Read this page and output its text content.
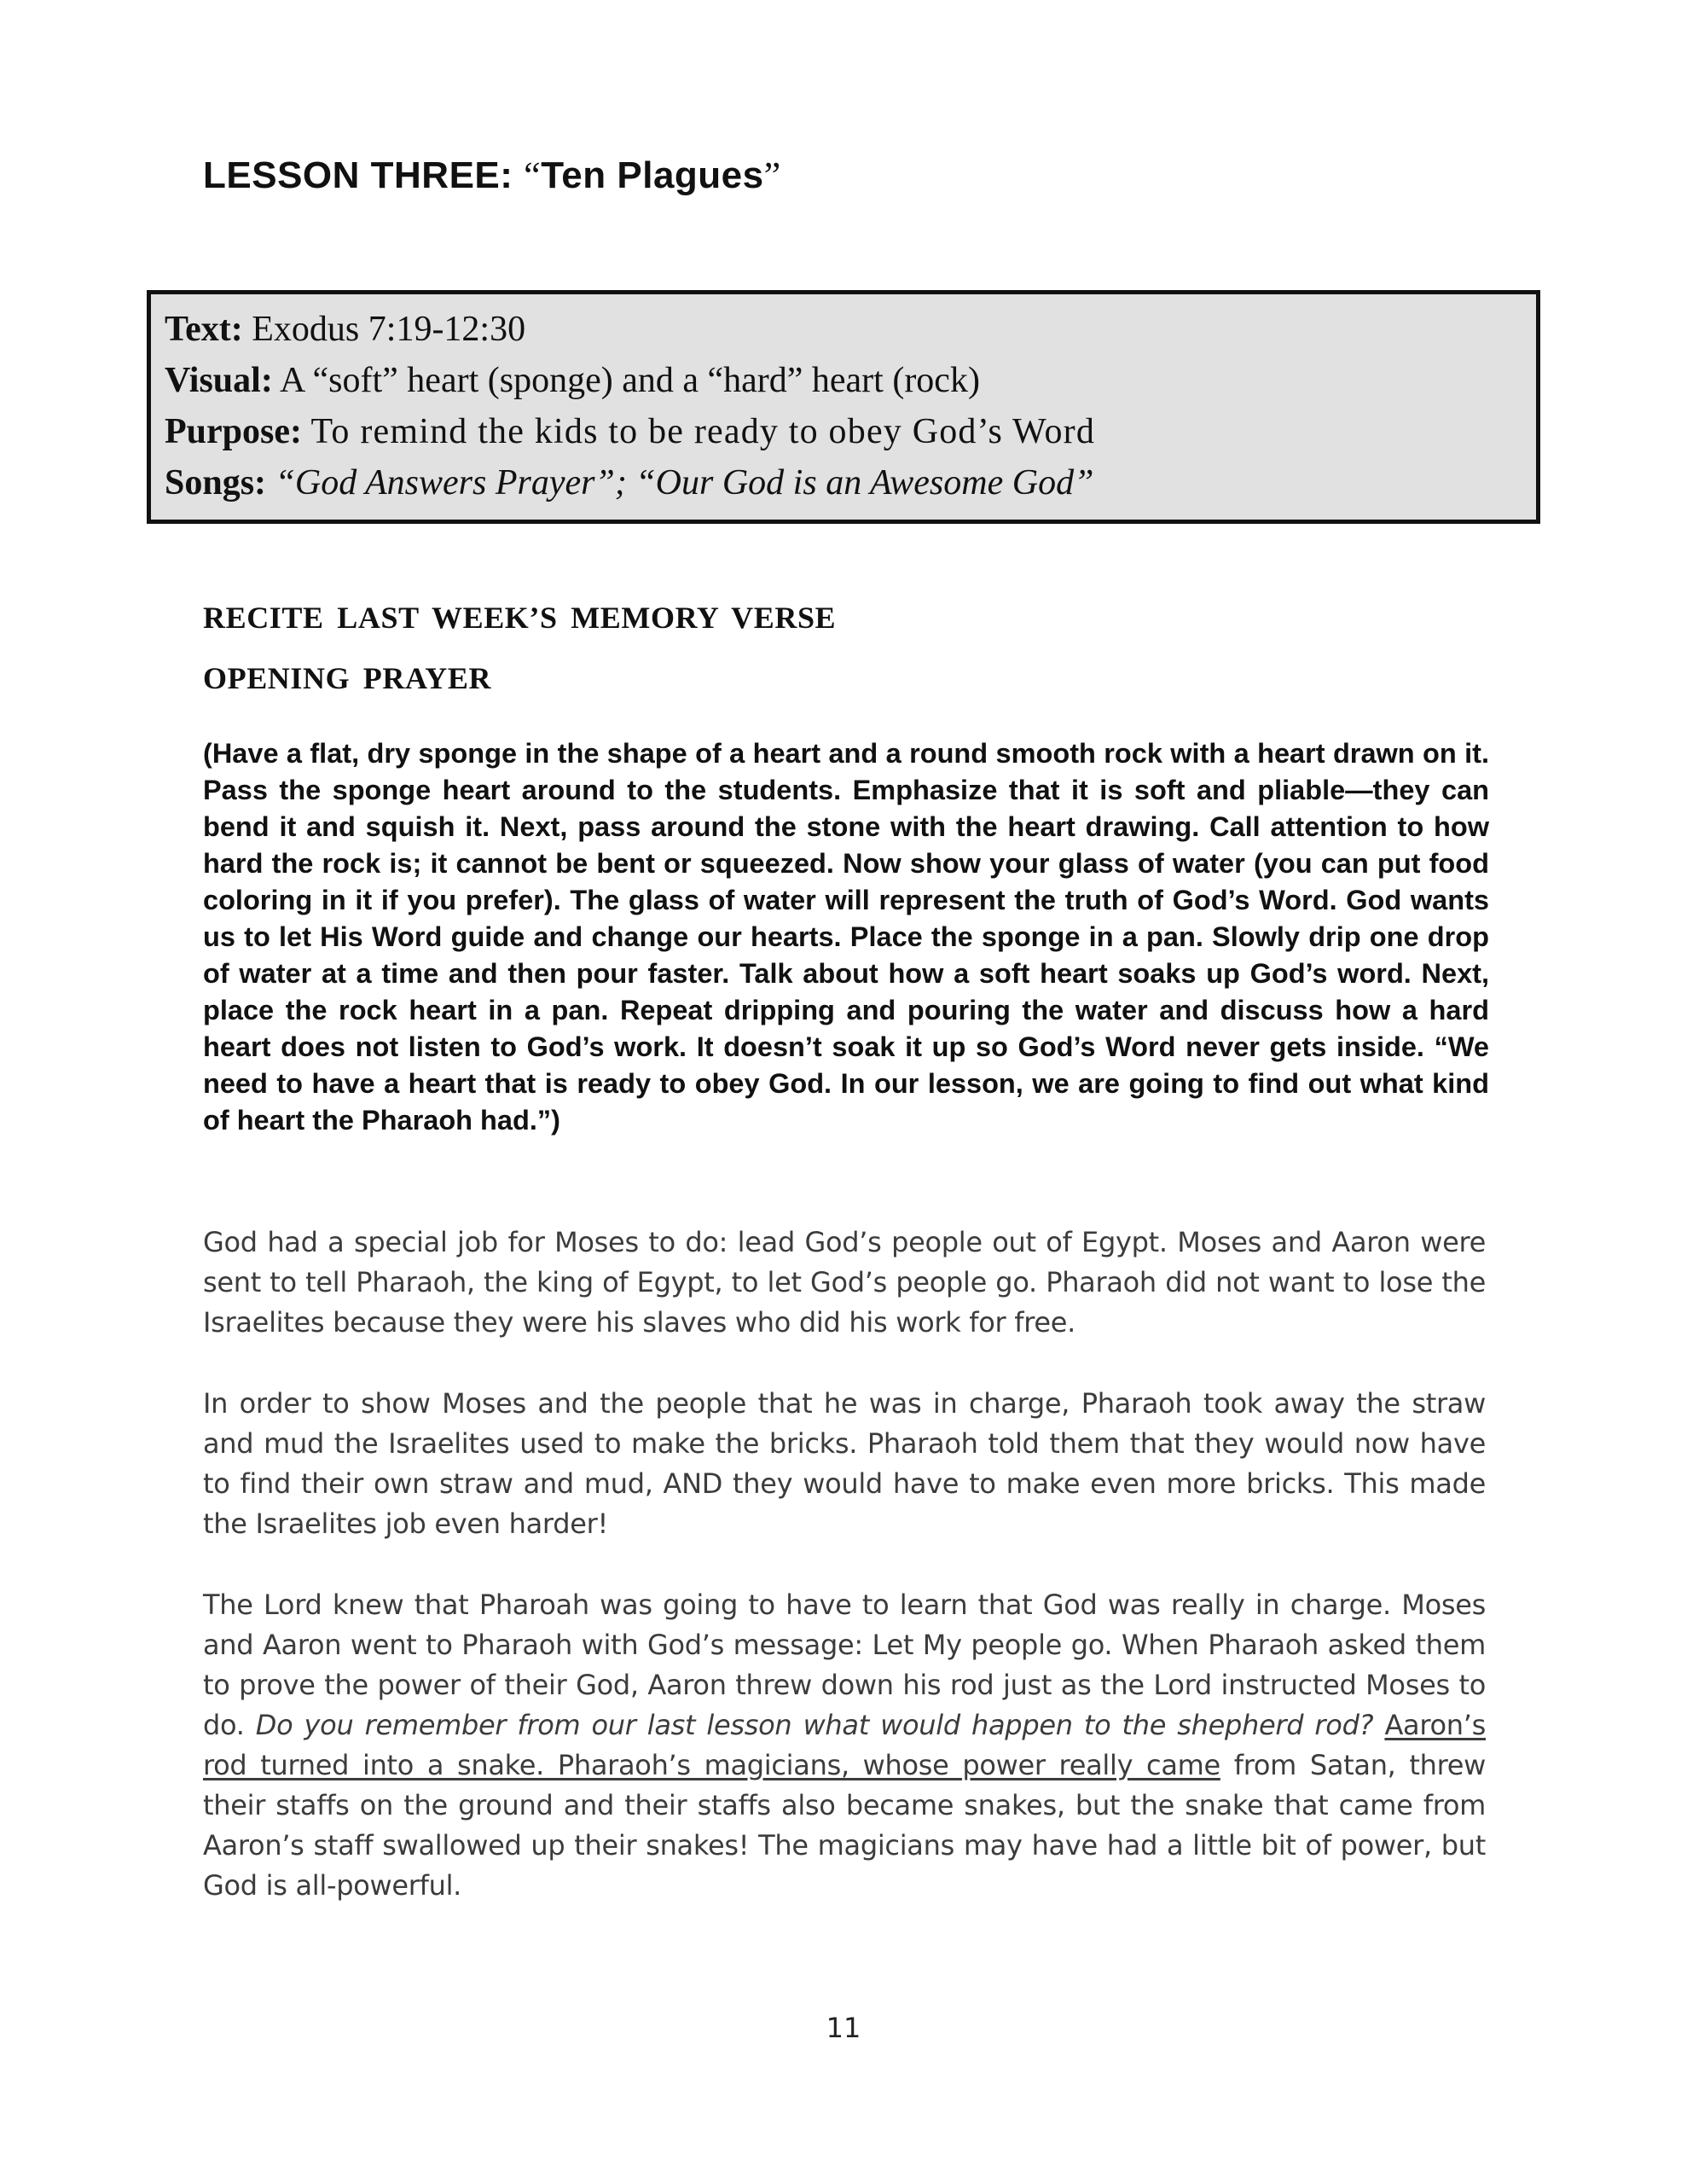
LESSON THREE: “Ten Plagues”
Text: Exodus 7:19-12:30
Visual: A “soft” heart (sponge) and a “hard” heart (rock)
Purpose: To remind the kids to be ready to obey God’s Word
Songs: “God Answers Prayer”; “Our God is an Awesome God”
RECITE LAST WEEK’S MEMORY VERSE
OPENING PRAYER

(Have a flat, dry sponge in the shape of a heart and a round smooth rock with a heart drawn on it. Pass the sponge heart around to the students. Emphasize that it is soft and pliable—they can bend it and squish it. Next, pass around the stone with the heart drawing. Call attention to how hard the rock is; it cannot be bent or squeezed. Now show your glass of water (you can put food coloring in it if you prefer). The glass of water will represent the truth of God’s Word. God wants us to let His Word guide and change our hearts. Place the sponge in a pan. Slowly drip one drop of water at a time and then pour faster. Talk about how a soft heart soaks up God’s word. Next, place the rock heart in a pan. Repeat dripping and pouring the water and discuss how a hard heart does not listen to God’s work. It doesn’t soak it up so God’s Word never gets inside. “We need to have a heart that is ready to obey God. In our lesson, we are going to find out what kind of heart the Pharaoh had.”)

God had a special job for Moses to do: lead God’s people out of Egypt. Moses and Aaron were sent to tell Pharaoh, the king of Egypt, to let God’s people go. Pharaoh did not want to lose the Israelites because they were his slaves who did his work for free.

In order to show Moses and the people that he was in charge, Pharaoh took away the straw and mud the Israelites used to make the bricks. Pharaoh told them that they would now have to find their own straw and mud, AND they would have to make even more bricks. This made the Israelites job even harder!

The Lord knew that Pharoah was going to have to learn that God was really in charge. Moses and Aaron went to Pharaoh with God’s message: Let My people go. When Pharaoh asked them to prove the power of their God, Aaron threw down his rod just as the Lord instructed Moses to do. Do you remember from our last lesson what would happen to the shepherd rod? Aaron’s rod turned into a snake. Pharaoh’s magicians, whose power really came from Satan, threw their staffs on the ground and their staffs also became snakes, but the snake that came from Aaron’s staff swallowed up their snakes! The magicians may have had a little bit of power, but God is all-powerful.

11
